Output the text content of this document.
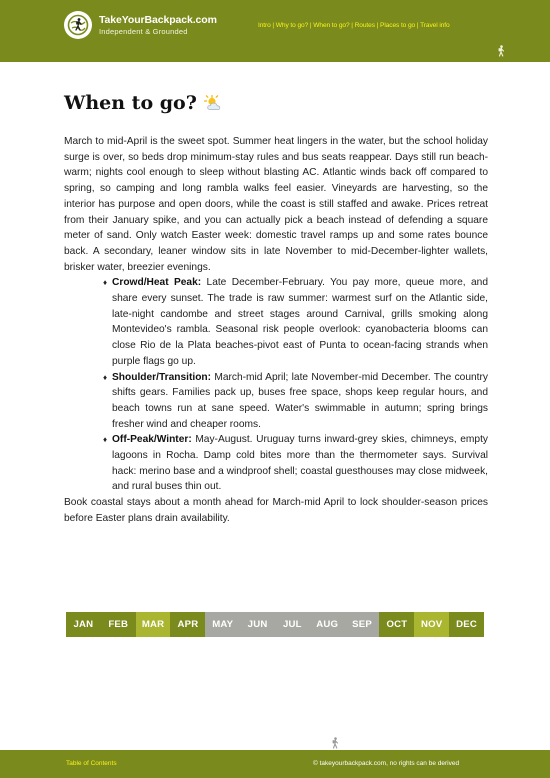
TakeYourBackpack.com
Independent & Grounded
Intro | Why to go? | When to go? | Routes | Places to go | Travel info
When to go?

March to mid-April is the sweet spot. Summer heat lingers in the water, but the school holiday surge is over, so beds drop minimum-stay rules and bus seats reappear. Days still run beach-warm; nights cool enough to sleep without blasting AC. Atlantic winds back off compared to spring, so camping and long rambla walks feel easier. Vineyards are harvesting, so the interior has purpose and open doors, while the coast is still staffed and awake. Prices retreat from their January spike, and you can actually pick a beach instead of defending a square meter of sand. Only watch Easter week: domestic travel ramps up and some rates bounce back. A secondary, leaner window sits in late November to mid-December-lighter wallets, brisker water, breezier evenings.

♦ Crowd/Heat Peak: Late December-February. You pay more, queue more, and share every sunset. The trade is raw summer: warmest surf on the Atlantic side, late-night candombe and street stages around Carnival, grills smoking along Montevideo's rambla. Seasonal risk people overlook: cyanobacteria blooms can close Rio de la Plata beaches-pivot east of Punta to ocean-facing strands when purple flags go up.
♦ Shoulder/Transition: March-mid April; late November-mid December. The country shifts gears. Families pack up, buses free space, shops keep regular hours, and beach towns run at sane speed. Water's swimmable in autumn; spring brings fresher wind and cheaper rooms.
♦ Off-Peak/Winter: May-August. Uruguay turns inward-grey skies, chimneys, empty lagoons in Rocha. Damp cold bites more than the thermometer says. Survival hack: merino base and a windproof shell; coastal guesthouses may close midweek, and rural buses thin out.

Book coastal stays about a month ahead for March-mid April to lock shoulder-season prices before Easter plans drain availability.

JAN	FEB	MAR	APR	MAY	JUN	JUL	AUG	SEP	OCT	NOV	DEC
Table of Contents	© takeyourbackpack.com, no rights can be derived
